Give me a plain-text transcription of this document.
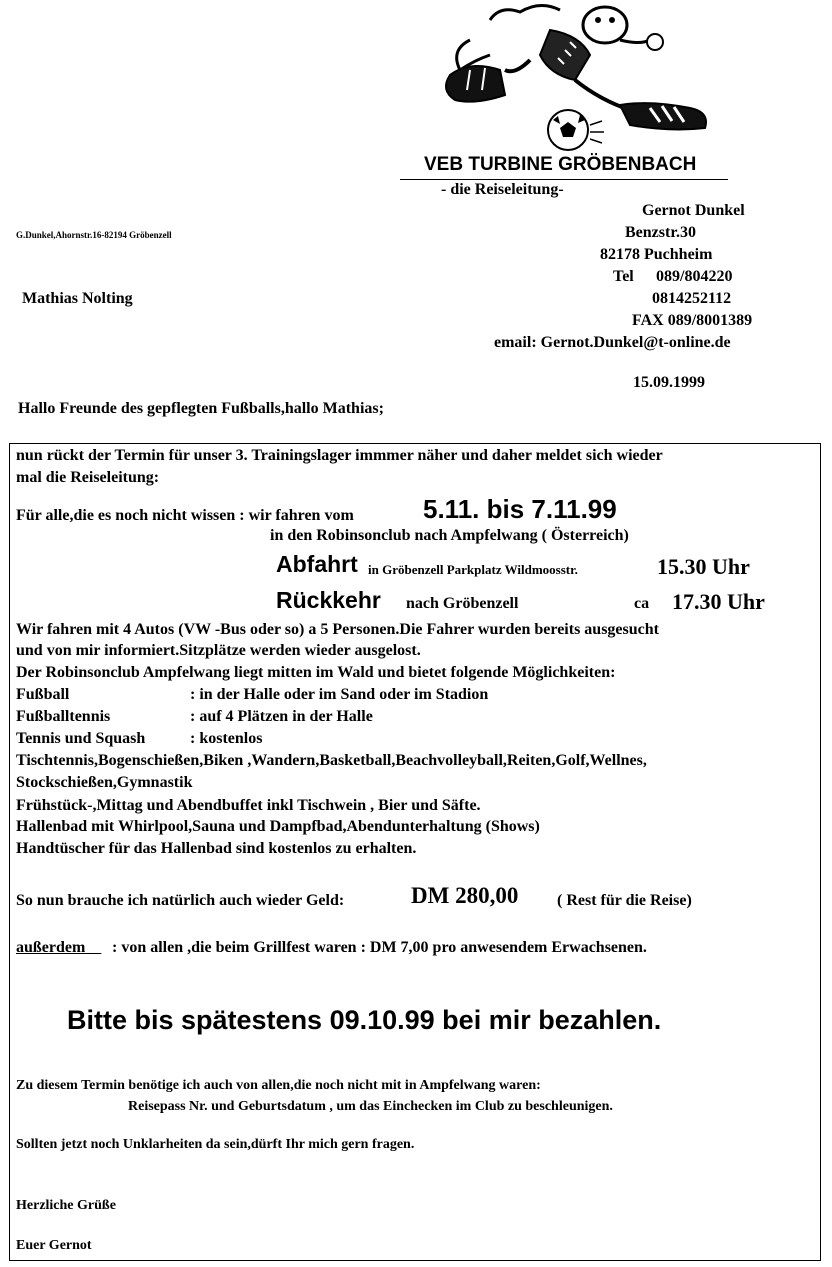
VEB TURBINE GRÖBENBACH
- die Reiseleitung-
Gernot Dunkel
Benzstr.30
82178 Puchheim
Tel 089/804220
0814252112
FAX 089/8001389
email: Gernot.Dunkel@t-online.de
G.Dunkel,Ahornstr.16-82194 Gröbenzell
Mathias Nolting
15.09.1999
Hallo Freunde des gepflegten Fußballs,hallo Mathias;
nun rückt der Termin für unser 3. Trainingslager immmer näher und daher meldet sich wieder
mal die Reiseleitung:
Für alle,die es noch nicht wissen : wir fahren vom	5.11. bis 7.11.99
in den Robinsonclub nach Ampfelwang ( Österreich)
Abfahrt in Gröbenzell Parkplatz Wildmoosstr.	15.30 Uhr
Rückkehr nach Gröbenzell	ca 17.30 Uhr
Wir fahren mit 4 Autos (VW -Bus oder so) a 5 Personen.Die Fahrer wurden bereits ausgesucht
und von mir informiert.Sitzplätze werden wieder ausgelost.
Der Robinsonclub Ampfelwang liegt mitten im Wald und bietet folgende Möglichkeiten:
Fußball	: in der Halle oder im Sand oder im Stadion
Fußballtennis	: auf 4 Plätzen in der Halle
Tennis und Squash	: kostenlos
Tischtennis,Bogenschießen,Biken ,Wandern,Basketball,Beachvolleyball,Reiten,Golf,Wellnes,
Stockschießen,Gymnastik
Frühstück-,Mittag und Abendbuffet inkl Tischwein , Bier und Säfte.
Hallenbad mit Whirlpool,Sauna und Dampfbad,Abendunterhaltung (Shows)
Handtüscher für das Hallenbad sind kostenlos zu erhalten.
So nun brauche ich natürlich auch wieder Geld:	DM 280,00 ( Rest für die Reise)
außerdem	: von allen ,die beim Grillfest waren : DM 7,00 pro anwesendem Erwachsenen.
Bitte bis spätestens 09.10.99 bei mir bezahlen.
Zu diesem Termin benötige ich auch von allen,die noch nicht mit in Ampfelwang waren:
Reisepass Nr. und Geburtsdatum , um das Einchecken im Club zu beschleunigen.
Sollten jetzt noch Unklarheiten da sein,dürft Ihr mich gern fragen.
Herzliche Grüße
Euer Gernot
